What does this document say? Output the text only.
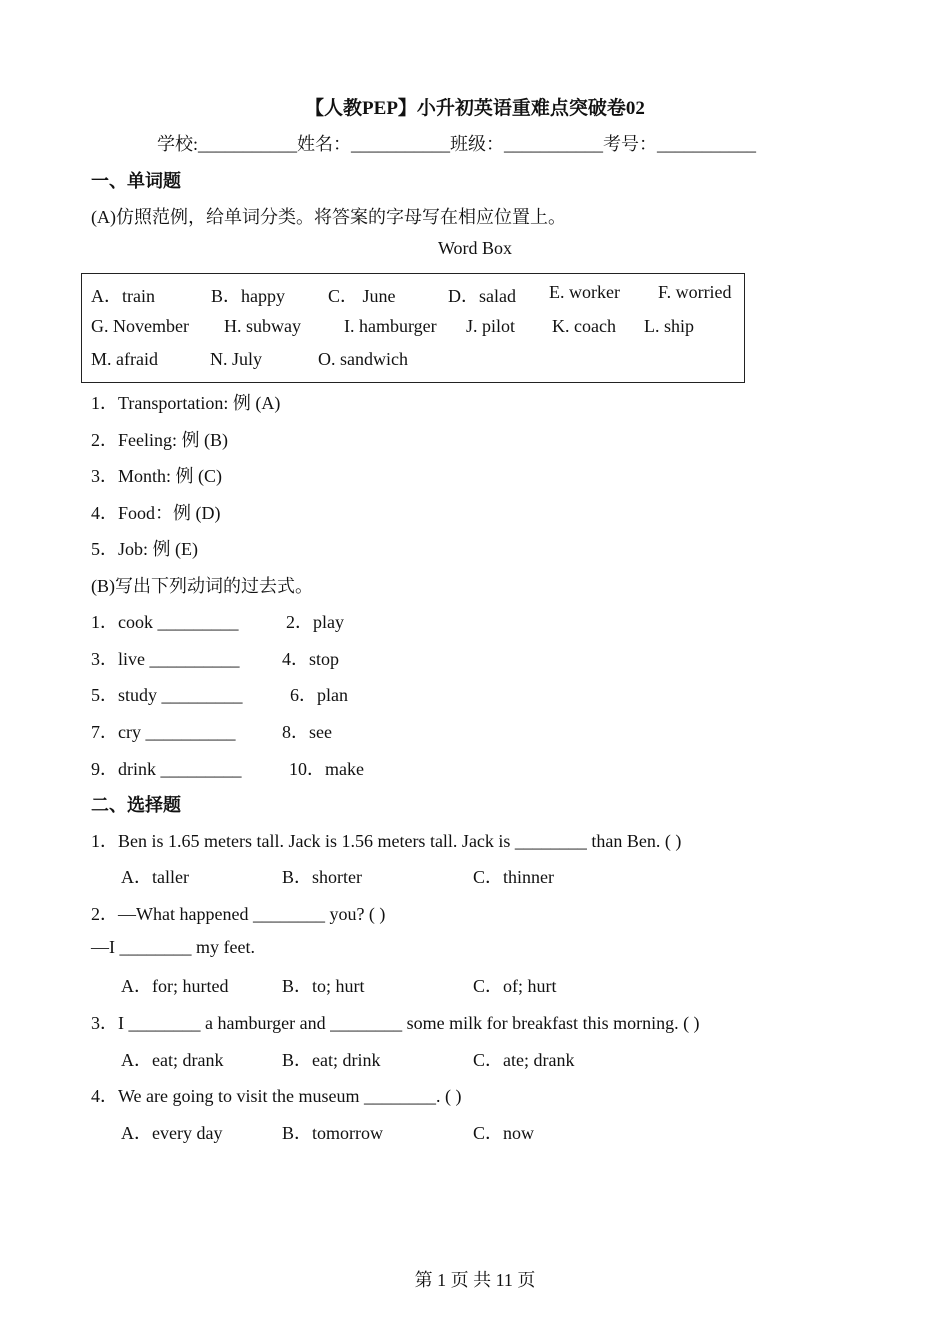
【人教PEP】小升初英语重难点突破卷02
学校:___________姓名：___________班级：___________考号：___________
一、单词题
(A)仿照范例，给单词分类。将答案的字母写在相应位置上。
Word Box
A．train	B．happy C． June	D．salad E. worker F. worried
G. November H. subway I. hamburger J. pilot K. coach L. ship
M. afraid	N. July	O. sandwich
1．Transportation: 例 (A)
2．Feeling: 例 (B)
3．Month: 例 (C)
4．Food：例 (D)
5．Job: 例 (E)
(B)写出下列动词的过去式。
1．cook _________	2．play
3．live __________ 4．stop
5．study _________	6．plan
7．cry __________	8．see
9．drink _________	10．make
二、选择题
1．Ben is 1.65 meters tall. Jack is 1.56 meters tall. Jack is ________ than Ben. ( )
A．taller	B．shorter	C．thinner
2．—What happened ________ you? ( )
—I ________ my feet.
A．for; hurted	B．to; hurt	C．of; hurt
3．I ________ a hamburger and ________ some milk for breakfast this morning. ( )
A．eat; drank	B．eat; drink	C．ate; drank
4．We are going to visit the museum ________. ( )
A．every day	B．tomorrow	C．now
第 1 页 共 11 页
